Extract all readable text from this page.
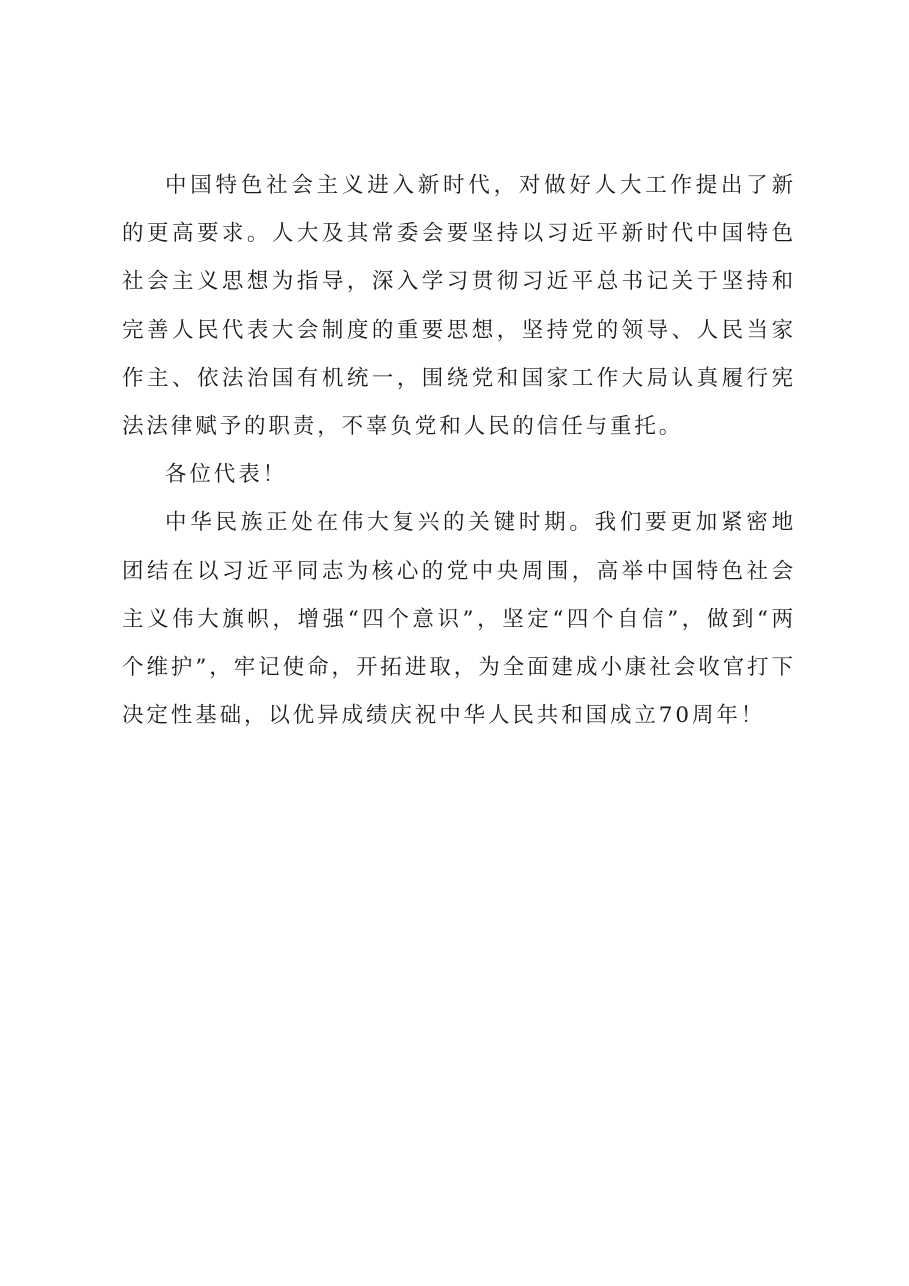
中国特色社会主义进入新时代，对做好人大工作提出了新的更高要求。人大及其常委会要坚持以习近平新时代中国特色社会主义思想为指导，深入学习贯彻习近平总书记关于坚持和完善人民代表大会制度的重要思想，坚持党的领导、人民当家作主、依法治国有机统一，围绕党和国家工作大局认真履行宪法法律赋予的职责，不辜负党和人民的信任与重托。

各位代表！

中华民族正处在伟大复兴的关键时期。我们要更加紧密地团结在以习近平同志为核心的党中央周围，高举中国特色社会主义伟大旗帜，增强“四个意识”，坚定“四个自信”，做到“两个维护”，牢记使命，开拓进取，为全面建成小康社会收官打下决定性基础，以优异成绩庆祝中华人民共和国成立70周年！
